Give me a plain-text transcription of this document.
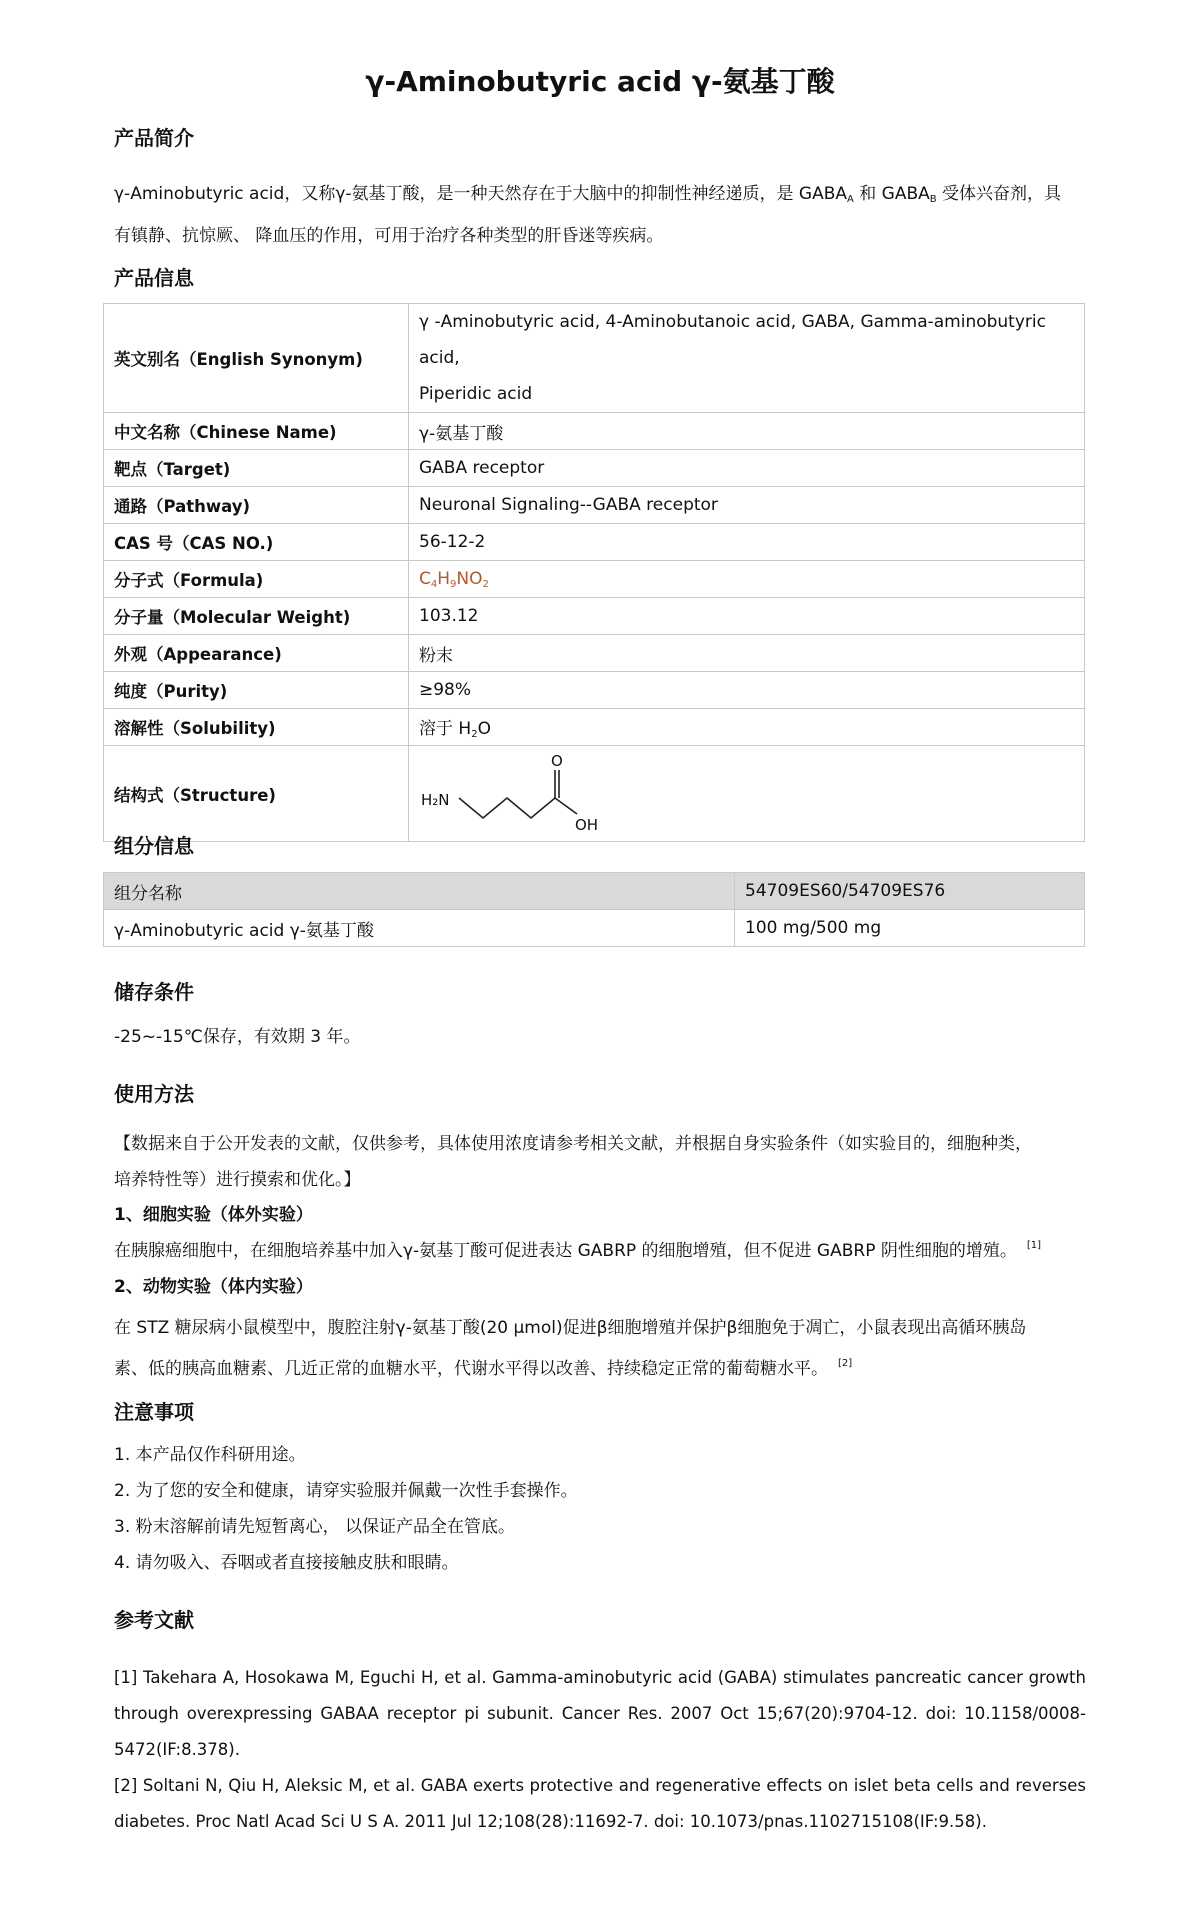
γ-Aminobutyric acid γ-氨基丁酸
产品简介

γ-Aminobutyric acid，又称γ-氨基丁酸，是一种天然存在于大脑中的抑制性神经递质，是 $GABA_A$ 和 $GABA_B$ 受体兴奋剂，具
有镇静、抗惊厥、 降血压的作用，可用于治疗各种类型的肝昏迷等疾病。

产品信息
英文别名（English Synonym)	γ -Aminobutyric acid, 4-Aminobutanoic acid, GABA, Gamma-aminobutyric acid,
Piperidic acid
中文名称（Chinese Name)	γ-氨基丁酸
靶点（Target)	GABA receptor
通路（Pathway)	Neuronal Signaling--GABA receptor
CAS 号（CAS NO.)	56-12-2
分子式（Formula)	$C_4H_9NO_2$
分子量（Molecular Weight)	103.12
外观（Appearance)	粉末
纯度（Purity)	≥98%
溶解性（Solubility)	溶于 $H_2O$
结构式（Structure)	H₂N
O
OH
组分信息
组分名称	54709ES60/54709ES76
γ-Aminobutyric acid γ-氨基丁酸	100 mg/500 mg
储存条件

-25~-15℃保存，有效期 3 年。

使用方法

【数据来自于公开发表的文献，仅供参考，具体使用浓度请参考相关文献，并根据自身实验条件（如实验目的，细胞种类，
培养特性等）进行摸索和优化。】

1、细胞实验（体外实验）

在胰腺癌细胞中，在细胞培养基中加入γ-氨基丁酸可促进表达 GABRP 的细胞增殖，但不促进 GABRP 阴性细胞的增殖。 [1]

2、动物实验（体内实验）

在 STZ 糖尿病小鼠模型中，腹腔注射γ-氨基丁酸(20 μmol)促进β细胞增殖并保护β细胞免于凋亡，小鼠表现出高循环胰岛
素、低的胰高血糖素、几近正常的血糖水平，代谢水平得以改善、持续稳定正常的葡萄糖水平。 [2]

注意事项

1. 本产品仅作科研用途。

2. 为了您的安全和健康，请穿实验服并佩戴一次性手套操作。

3. 粉末溶解前请先短暂离心， 以保证产品全在管底。

4. 请勿吸入、吞咽或者直接接触皮肤和眼睛。

参考文献

[1] Takehara A, Hosokawa M, Eguchi H, et al. Gamma-aminobutyric acid (GABA) stimulates pancreatic cancer growth through overexpressing GABAA receptor pi subunit. Cancer Res. 2007 Oct 15;67(20):9704-12. doi: 10.1158/0008-5472(IF:8.378).

[2] Soltani N, Qiu H, Aleksic M, et al. GABA exerts protective and regenerative effects on islet beta cells and reverses diabetes. Proc Natl Acad Sci U S A. 2011 Jul 12;108(28):11692-7. doi: 10.1073/pnas.1102715108(IF:9.58).
